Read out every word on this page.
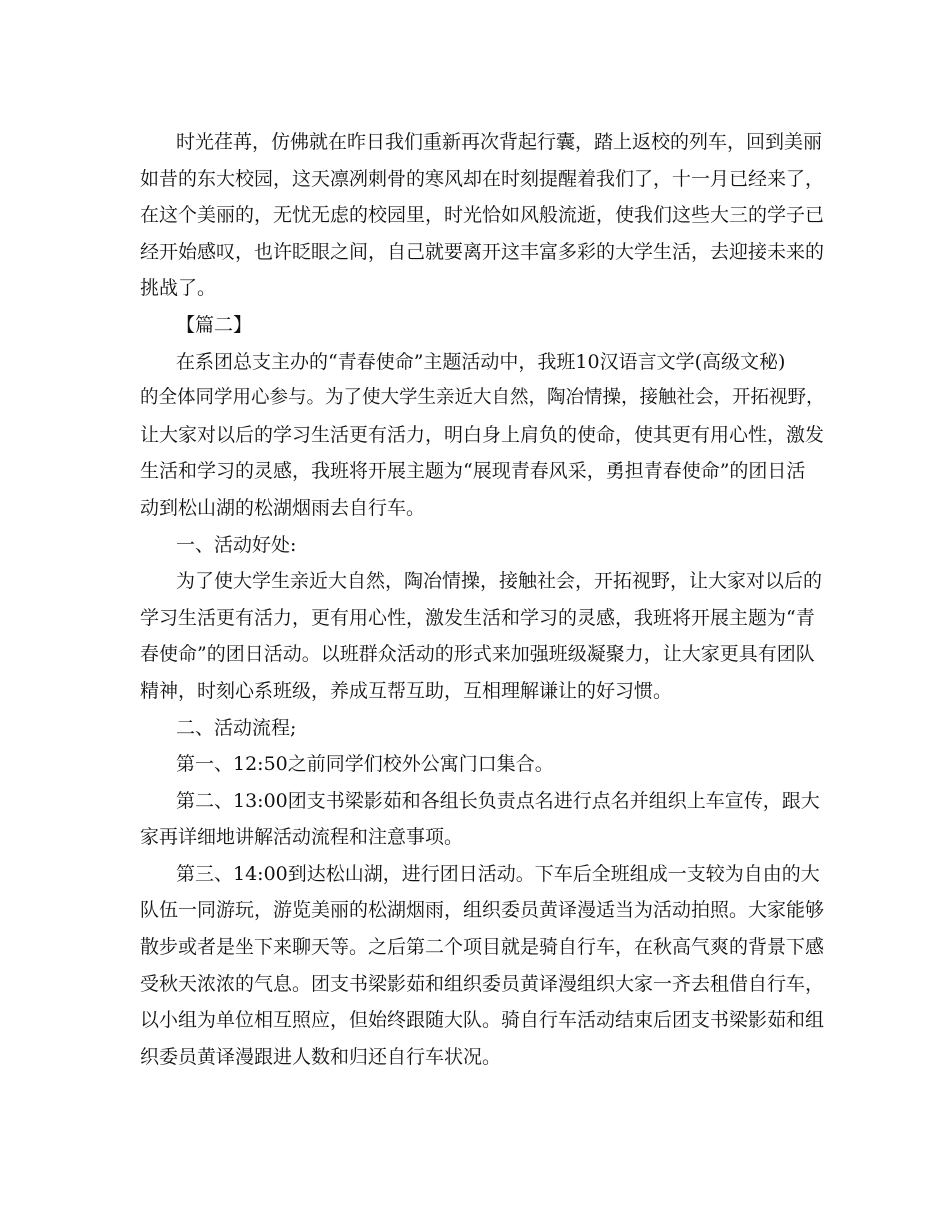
时光荏苒，仿佛就在昨日我们重新再次背起行囊，踏上返校的列车，回到美丽
如昔的东大校园，这天凛冽刺骨的寒风却在时刻提醒着我们了，十一月已经来了，
在这个美丽的，无忧无虑的校园里，时光恰如风般流逝，使我们这些大三的学子已
经开始感叹，也许眨眼之间，自己就要离开这丰富多彩的大学生活，去迎接未来的
挑战了。
【篇二】
在系团总支主办的“青春使命”主题活动中，我班10汉语言文学(高级文秘)
的全体同学用心参与。为了使大学生亲近大自然，陶冶情操，接触社会，开拓视野，
让大家对以后的学习生活更有活力，明白身上肩负的使命，使其更有用心性，激发
生活和学习的灵感，我班将开展主题为“展现青春风采，勇担青春使命”的团日活
动到松山湖的松湖烟雨去自行车。
一、活动好处:
为了使大学生亲近大自然，陶冶情操，接触社会，开拓视野，让大家对以后的
学习生活更有活力，更有用心性，激发生活和学习的灵感，我班将开展主题为“青
春使命”的团日活动。以班群众活动的形式来加强班级凝聚力，让大家更具有团队
精神，时刻心系班级，养成互帮互助，互相理解谦让的好习惯。
二、活动流程;
第一、12:50之前同学们校外公寓门口集合。
第二、13:00团支书梁影茹和各组长负责点名进行点名并组织上车宣传，跟大
家再详细地讲解活动流程和注意事项。
第三、14:00到达松山湖，进行团日活动。下车后全班组成一支较为自由的大
队伍一同游玩，游览美丽的松湖烟雨，组织委员黄译漫适当为活动拍照。大家能够
散步或者是坐下来聊天等。之后第二个项目就是骑自行车，在秋高气爽的背景下感
受秋天浓浓的气息。团支书梁影茹和组织委员黄译漫组织大家一齐去租借自行车，
以小组为单位相互照应，但始终跟随大队。骑自行车活动结束后团支书梁影茹和组
织委员黄译漫跟进人数和归还自行车状况。
